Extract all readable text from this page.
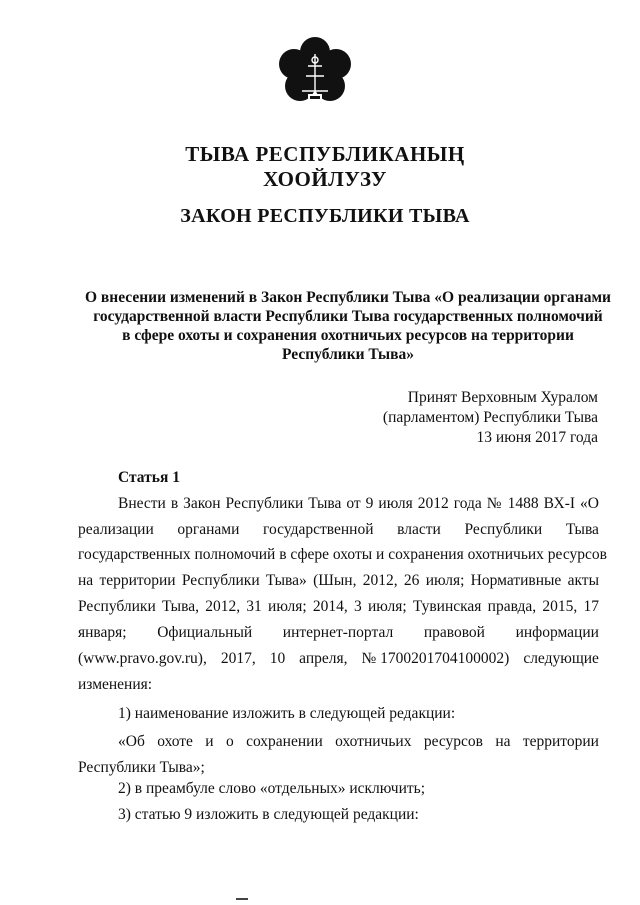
ТЫВА РЕСПУБЛИКАНЫҢ
ХООЙЛУЗУ
ЗАКОН РЕСПУБЛИКИ ТЫВА
О внесении изменений в Закон Республики Тыва «О реализации органами
государственной власти Республики Тыва государственных полномочий
в сфере охоты и сохранения охотничьих ресурсов на территории
Республики Тыва»
Принят Верховным Хуралом
(парламентом) Республики Тыва
13 июня 2017 года
Статья 1
Внести в Закон Республики Тыва от 9 июля 2012 года № 1488 ВХ-I «О
реализации органами государственной власти Республики Тыва
государственных полномочий в сфере охоты и сохранения охотничьих ресурсов
на территории Республики Тыва» (Шын, 2012, 26 июля; Нормативные акты
Республики Тыва, 2012, 31 июля; 2014, 3 июля; Тувинская правда, 2015, 17
января; Официальный интернет-портал правовой информации
(www.pravo.gov.ru), 2017, 10 апреля, № 1700201704100002) следующие
изменения:
1) наименование изложить в следующей редакции:
«Об охоте и о сохранении охотничьих ресурсов на территории
Республики Тыва»;
2) в преамбуле слово «отдельных» исключить;
3) статью 9 изложить в следующей редакции:
